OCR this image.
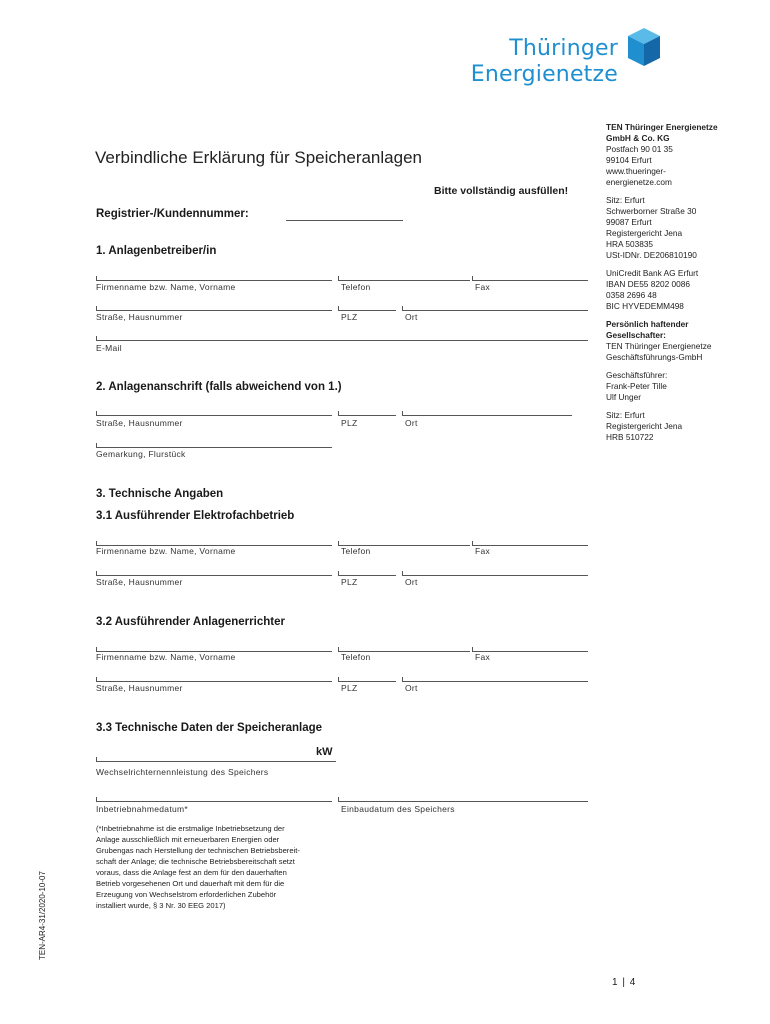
Thüringer
Energienetze
Verbindliche Erklärung für Speicheranlagen
Bitte vollständig ausfüllen!
Registrier-/Kundennummer:
1. Anlagenbetreiber/in
Firmenname bzw. Name, Vorname	Telefon	Fax
Straße, Hausnummer	PLZ	Ort
E-Mail
2. Anlagenanschrift (falls abweichend von 1.)
Straße, Hausnummer	PLZ	Ort
Gemarkung, Flurstück
3. Technische Angaben
3.1 Ausführender Elektrofachbetrieb
Firmenname bzw. Name, Vorname	Telefon	Fax
Straße, Hausnummer	PLZ	Ort
3.2 Ausführender Anlagenerrichter
Firmenname bzw. Name, Vorname	Telefon	Fax
Straße, Hausnummer	PLZ	Ort
3.3 Technische Daten der Speicheranlage
kW
Wechselrichternennleistung des Speichers
Inbetriebnahmedatum*	Einbaudatum des Speichers
(*Inbetriebnahme ist die erstmalige Inbetriebsetzung der
Anlage ausschließlich mit erneuerbaren Energien oder
Grubengas nach Herstellung der technischen Betriebsbereit-
schaft der Anlage; die technische Betriebsbereitschaft setzt
voraus, dass die Anlage fest an dem für den dauerhaften
Betrieb vorgesehenen Ort und dauerhaft mit dem für die
Erzeugung von Wechselstrom erforderlichen Zubehör
installiert wurde, § 3 Nr. 30 EEG 2017)

TEN Thüringer Energienetze
GmbH & Co. KG
Postfach 90 01 35
99104 Erfurt
www.thueringer-
energienetze.com

Sitz: Erfurt
Schwerborner Straße 30
99087 Erfurt
Registergericht Jena
HRA 503835
USt-IDNr. DE206810190

UniCredit Bank AG Erfurt
IBAN DE55 8202 0086
0358 2696 48
BIC HYVEDEMM498

Persönlich haftender
Gesellschafter:
TEN Thüringer Energienetze
Geschäftsführungs-GmbH

Geschäftsführer:
Frank-Peter Tille
Ulf Unger

Sitz: Erfurt
Registergericht Jena
HRB 510722

TEN-AR4-31/2020-10-07
1 | 4
